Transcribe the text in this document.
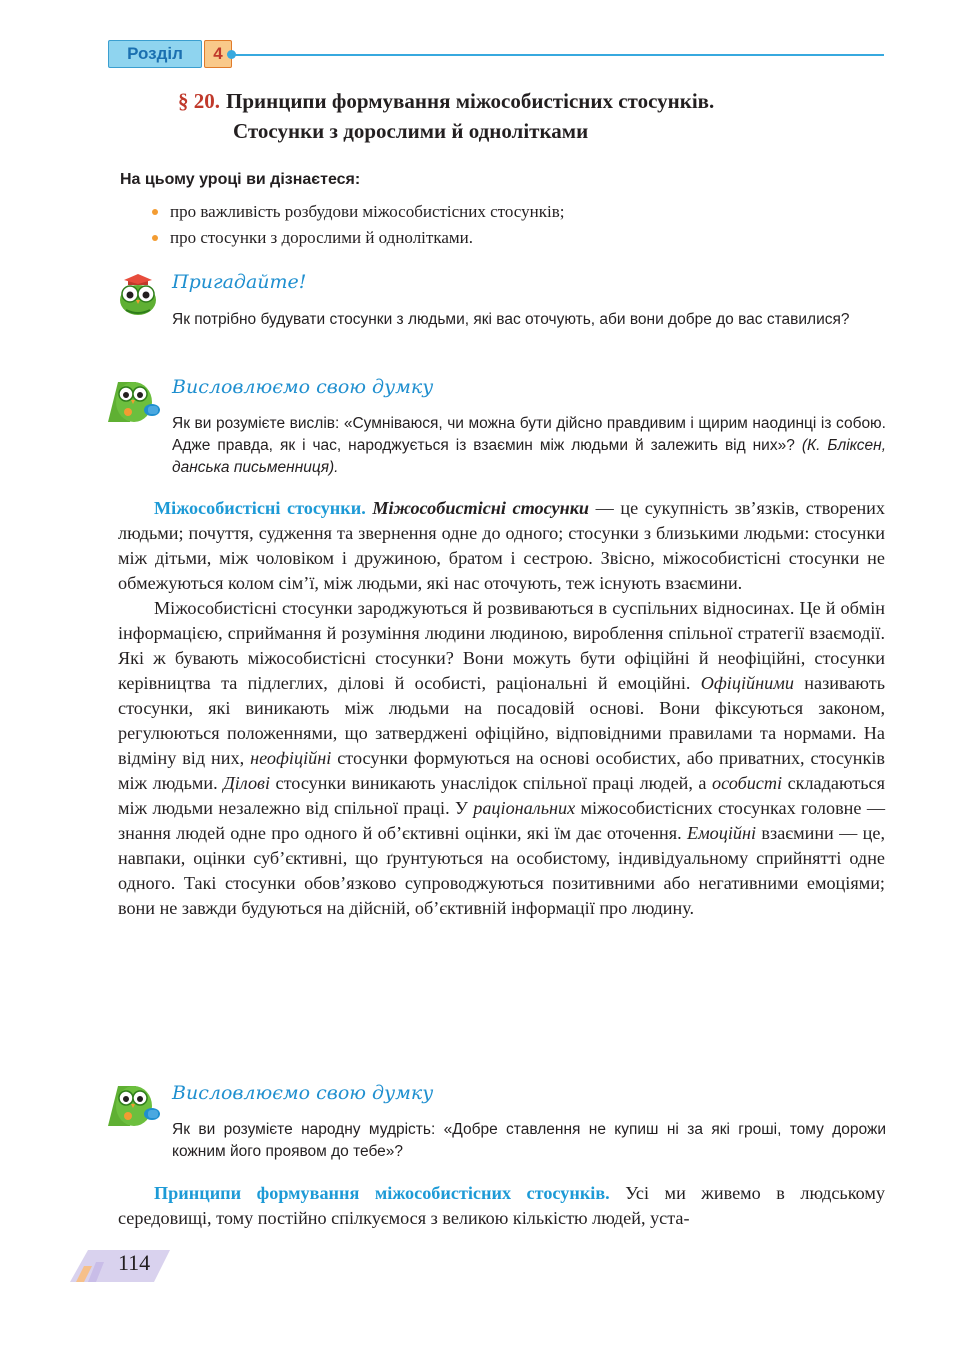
Розділ	4
§ 20. Принципи формування міжособистісних стосунків.
Стосунки з дорослими й однолітками
На цьому уроці ви дізнаєтеся:
про важливість розбудови міжособистісних стосунків;
про стосунки з дорослими й однолітками.
Пригадайте!
Як потрібно будувати стосунки з людьми, які вас оточують, аби вони добре до вас ставилися?
Висловлюємо свою думку
Як ви розумієте вислів: «Сумніваюся, чи можна бути дійсно правдивим і щирим наодинці із собою. Адже правда, як і час, народжується із взаємин між людьми й залежить від них»? (К. Бліксен, данська письменниця).

Міжособистісні стосунки. Міжособистісні стосунки — це сукупність зв’язків, створених людьми; почуття, судження та звернення одне до одного; стосунки з близькими людьми: стосунки між дітьми, між чоловіком і дружиною, братом і сестрою. Звісно, міжособистісні стосунки не обмежуються колом сім’ї, між людьми, які нас оточують, теж існують взаємини.

Міжособистісні стосунки зароджуються й розвиваються в суспільних відносинах. Це й обмін інформацією, сприймання й розуміння людини людиною, вироблення спільної стратегії взаємодії. Які ж бувають міжособистісні стосунки? Вони можуть бути офіційні й неофіційні, стосунки керівництва та підлеглих, ділові й особисті, раціональні й емоційні. Офіційними називають стосунки, які виникають між людьми на посадовій основі. Вони фіксуються законом, регулюються положеннями, що затверджені офіційно, відповідними правилами та нормами. На відміну від них, неофіційні стосунки формуються на основі особистих, або приватних, стосунків між людьми. Ділові стосунки виникають унаслідок спільної праці людей, а особисті складаються між людьми незалежно від спільної праці. У раціональних міжособистісних стосунках головне — знання людей одне про одного й об’єктивні оцінки, які їм дає оточення. Емоційні взаємини — це, навпаки, оцінки суб’єктивні, що ґрунтуються на особистому, індивідуальному сприйнятті одне одного. Такі стосунки обов’язково супроводжуються позитивними або негативними емоціями; вони не завжди будуються на дійсній, об’єктивній інформації про людину.

Висловлюємо свою думку
Як ви розумієте народну мудрість: «Добре ставлення не купиш ні за які гроші, тому дорожи кожним його проявом до тебе»?

Принципи формування міжособистісних стосунків. Усі ми живемо в людському середовищі, тому постійно спілкуємося з великою кількістю людей, уста-

114
